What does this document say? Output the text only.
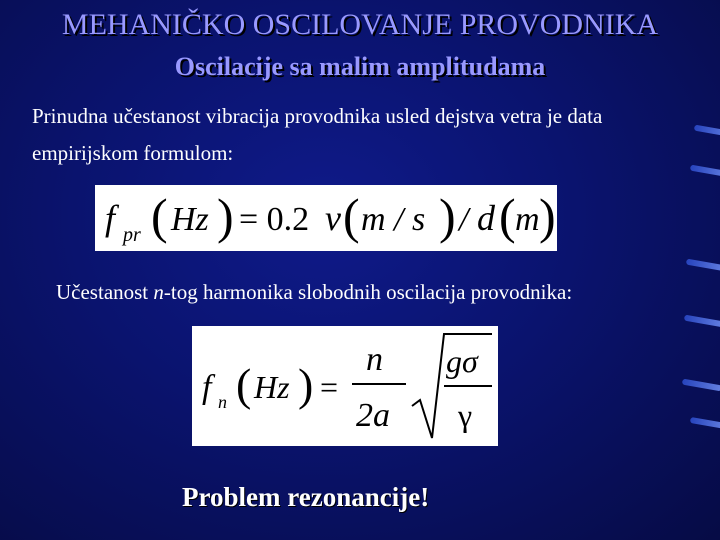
MEHANIČKO OSCILOVANJE PROVODNIKA
Oscilacije sa malim amplitudama
Prinudna učestanost vibracija provodnika usled dejstva vetra je data empirijskom formulom:
f pr ( Hz ) = 0.2 v ( m / s ) / d ( m )
Učestanost n-tog harmonika slobodnih oscilacija provodnika:
f n ( Hz ) =
n
2a
gσ
γ
Problem rezonancije!
